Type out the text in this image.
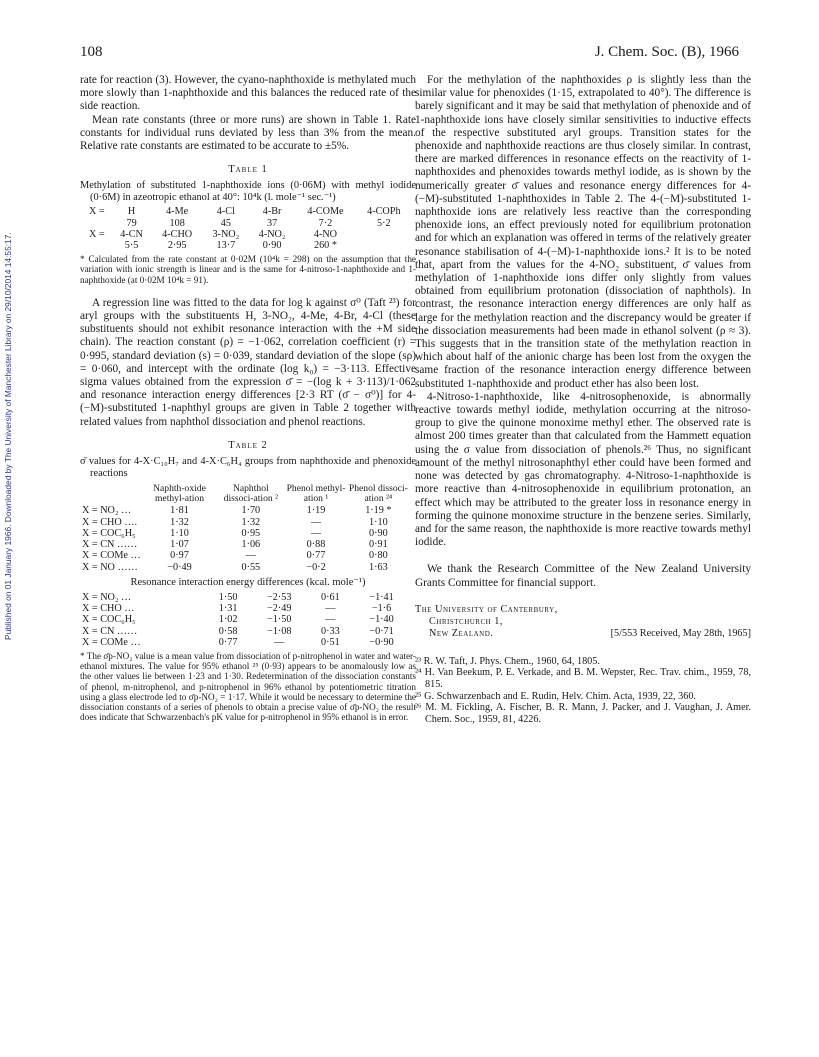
108	J. Chem. Soc. (B), 1966
Published on 01 January 1966. Downloaded by The University of Manchester Library on 29/10/2014 14:55:17.

rate for reaction (3). However, the cyano-naphthoxide is methylated much more slowly than 1-naphthoxide and this balances the reduced rate of the side reaction.

Mean rate constants (three or more runs) are shown in Table 1. Rate constants for individual runs deviated by less than 3% from the mean. Relative rate constants are estimated to be accurate to ±5%.

Table 1
Methylation of substituted 1-naphthoxide ions (0·06M) with methyl iodide (0·6M) in azeotropic ethanol at 40°: 10⁴k (l. mole⁻¹ sec.⁻¹)
X =	H	4-Me	4-Cl	4-Br	4-COMe	4-COPh
	79	108	45	37	7·2	5·2
X =	4-CN	4-CHO	3-NO₂	4-NO₂	4-NO	
	5·5	2·95	13·7	0·90	260 *	
* Calculated from the rate constant at 0·02M (10⁴k = 298) on the assumption that the variation with ionic strength is linear and is the same for 4-nitroso-1-naphthoxide and 1-naphthoxide (at 0·02M 10⁴k = 91).

A regression line was fitted to the data for log k against σ⁰ (Taft ²³) for aryl groups with the substituents H, 3-NO₂, 4-Me, 4-Br, 4-Cl (these substituents should not exhibit resonance interaction with the +M side chain). The reaction constant (ρ) = −1·062, correlation coefficient (r) = 0·995, standard deviation (s) = 0·039, standard deviation of the slope (sρ) = 0·060, and intercept with the ordinate (log k₀) = −3·113. Effective sigma values obtained from the expression σ̄ = −(log k + 3·113)/1·062 and resonance interaction energy differences [2·3 RT (σ̄ − σ⁰)] for 4-(−M)-substituted 1-naphthyl groups are given in Table 2 together with related values from naphthol dissociation and phenol reactions.

Table 2
σ̄ values for 4-X·C₁₀H₇ and 4-X·C₆H₄ groups from naphthoxide and phenoxide reactions
	Naphth-oxide methyl-ation	Naphthol dissoci-ation ²	Phenol methyl-ation ¹	Phenol dissoci-ation ²⁴
X = NO₂ …	1·81	1·70	1·19	1·19 *
X = CHO ….	1·32	1·32	—	1·10
X = COC₆H₅	1·10	0·95	—	0·90
X = CN ……	1·07	1·06	0·88	0·91
X = COMe …	0·97	—	0·77	0·80
X = NO ……	−0·49	0·55	−0·2	1·63
Resonance interaction energy differences (kcal. mole⁻¹)
X = NO₂ …	1·50	−2·53	0·61	−1·41
X = CHO …	1·31	−2·49	—	−1·6
X = COC₆H₅	1·02	−1·50	—	−1·40
X = CN ……	0·58	−1·08	0·33	−0·71
X = COMe …	0·77	—	0·51	−0·90
* The σ̄p-NO₂ value is a mean value from dissociation of p-nitrophenol in water and water-ethanol mixtures. The value for 95% ethanol ²⁵ (0·93) appears to be anomalously low as the other values lie between 1·23 and 1·30. Redetermination of the dissociation constants of phenol, m-nitrophenol, and p-nitrophenol in 96% ethanol by potentiometric titration using a glass electrode led to σ̄p-NO₂ = 1·17. While it would be necessary to determine the dissociation constants of a series of phenols to obtain a precise value of σ̄p-NO₂ the result does indicate that Schwarzenbach's pK value for p-nitrophenol in 95% ethanol is in error.

For the methylation of the naphthoxides ρ is slightly less than the similar value for phenoxides (1·15, extrapolated to 40°). The difference is barely significant and it may be said that methylation of phenoxide and of 1-naphthoxide ions have closely similar sensitivities to inductive effects of the respective substituted aryl groups. Transition states for the phenoxide and naphthoxide reactions are thus closely similar. In contrast, there are marked differences in resonance effects on the reactivity of 1-naphthoxides and phenoxides towards methyl iodide, as is shown by the numerically greater σ̄ values and resonance energy differences for 4-(−M)-substituted 1-naphthoxides in Table 2. The 4-(−M)-substituted 1-naphthoxide ions are relatively less reactive than the corresponding phenoxide ions, an effect previously noted for equilibrium protonation and for which an explanation was offered in terms of the relatively greater resonance stabilisation of 4-(−M)-1-naphthoxide ions.² It is to be noted that, apart from the values for the 4-NO₂ substituent, σ̄ values from methylation of 1-naphthoxide ions differ only slightly from values obtained from equilibrium protonation (dissociation of naphthols). In contrast, the resonance interaction energy differences are only half as large for the methylation reaction and the discrepancy would be greater if the dissociation measurements had been made in ethanol solvent (ρ ≈ 3). This suggests that in the transition state of the methylation reaction in which about half of the anionic charge has been lost from the oxygen the same fraction of the resonance interaction energy difference between substituted 1-naphthoxide and product ether has also been lost.

4-Nitroso-1-naphthoxide, like 4-nitrosophenoxide, is abnormally reactive towards methyl iodide, methylation occurring at the nitroso-group to give the quinone monoxime methyl ether. The observed rate is almost 200 times greater than that calculated from the Hammett equation using the σ value from dissociation of phenols.²⁶ Thus, no significant amount of the methyl nitrosonaphthyl ether could have been formed and none was detected by gas chromatography. 4-Nitroso-1-naphthoxide is more reactive than 4-nitrosophenoxide in equilibrium protonation, an effect which may be attributed to the greater loss in resonance energy in forming the quinone monoxime structure in the benzene series. Similarly, and for the same reason, the naphthoxide is more reactive towards methyl iodide.

We thank the Research Committee of the New Zealand University Grants Committee for financial support.

The University of Canterbury,
Christchurch 1,
New Zealand.	[5/553 Received, May 28th, 1965]

²³ R. W. Taft, J. Phys. Chem., 1960, 64, 1805.

²⁴ H. Van Beekum, P. E. Verkade, and B. M. Wepster, Rec. Trav. chim., 1959, 78, 815.

²⁵ G. Schwarzenbach and E. Rudin, Helv. Chim. Acta, 1939, 22, 360.

²⁶ M. M. Fickling, A. Fischer, B. R. Mann, J. Packer, and J. Vaughan, J. Amer. Chem. Soc., 1959, 81, 4226.
